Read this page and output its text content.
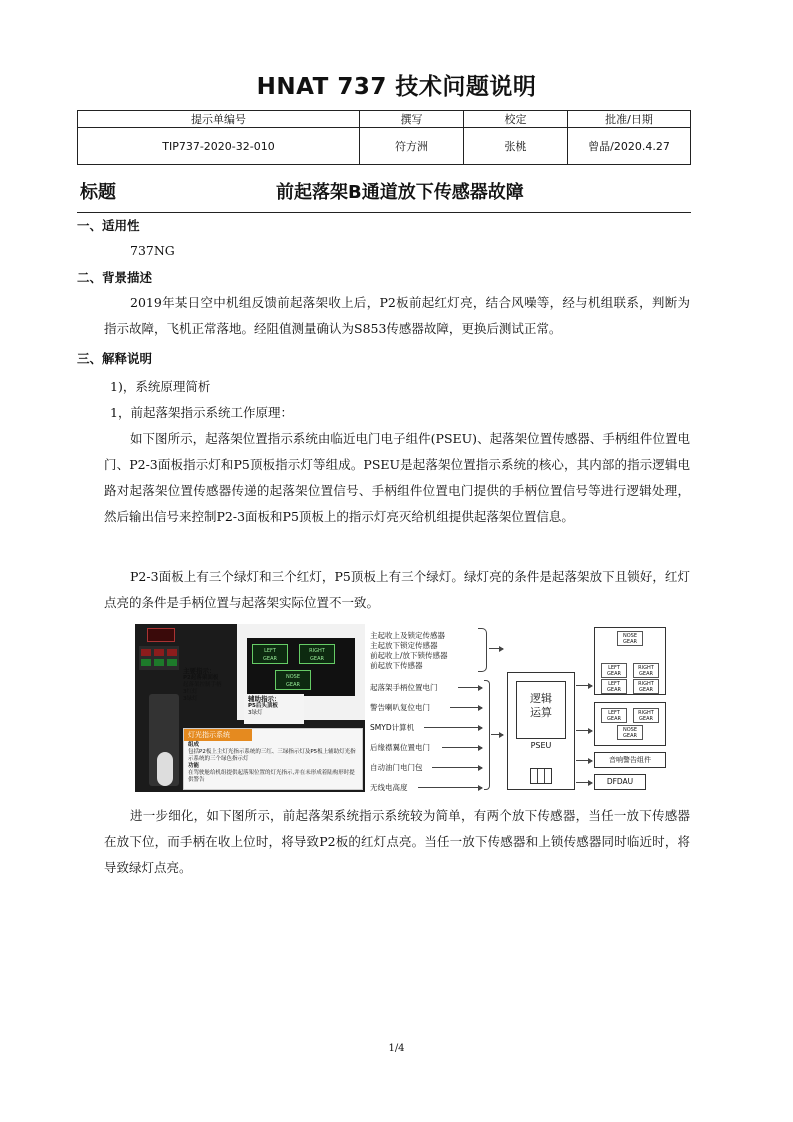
HNAT 737 技术问题说明
提示单编号	撰写	校定	批准/日期
TIP737-2020-32-010	符方洲	张桃	曾晶/2020.4.27
标题	前起落架B通道放下传感器故障
一、适用性
737NG
二、背景描述
2019年某日空中机组反馈前起落架收上后，P2板前起红灯亮，结合风噪等，经与机组联系，判断为指示故障，飞机正常落地。经阻值测量确认为S853传感器故障，更换后测试正常。
三、解释说明
1)，系统原理简析
1，前起落架指示系统工作原理：
如下图所示，起落架位置指示系统由临近电门电子组件(PSEU)、起落架位置传感器、手柄组件位置电门、P2-3面板指示灯和P5顶板指示灯等组成。PSEU是起落架位置指示系统的核心，其内部的指示逻辑电路对起落架位置传感器传递的起落架位置信号、手柄组件位置电门提供的手柄位置信号等进行逻辑处理，然后输出信号来控制P2-3面板和P5顶板上的指示灯亮灭给机组提供起落架位置信息。
P2-3面板上有三个绿灯和三个红灯，P5顶板上有三个绿灯。绿灯亮的条件是起落架放下且锁好，红灯点亮的条件是手柄位置与起落架实际位置不一致。
LEFT
GEAR
RIGHT
GEAR
NOSE
GEAR
主要指示：
P2起落架面板
起落架控制手柄
3红灯
3绿灯	辅助指示：
P5后头顶板
3绿灯
灯光指示系统
组成
包括P2板上主灯光指示系统的三红、三绿指示灯及P5板上辅助灯光指示系统的三个绿色指示灯
功能
在驾驶舱给机组提供起落架位置的灯光指示,并在未形成着陆构形时提供警告
主起收上及锁定传感器
主起放下锁定传感器
前起收上/放下锁传感器
前起放下传感器
起落架手柄位置电门
警告喇叭复位电门
SMYD计算机
后缘襟翼位置电门
自动油门电门包
无线电高度
逻辑
运算
PSEU
NOSE
GEAR
LEFT
GEAR
RIGHT
GEAR
LEFT
GEAR
RIGHT
GEAR
LEFT
GEAR
RIGHT
GEAR
NOSE
GEAR
音响警告组件
DFDAU
进一步细化，如下图所示，前起落架系统指示系统较为简单，有两个放下传感器，当任一放下传感器在放下位，而手柄在收上位时，将导致P2板的红灯点亮。当任一放下传感器和上锁传感器同时临近时，将导致绿灯点亮。
1/4
